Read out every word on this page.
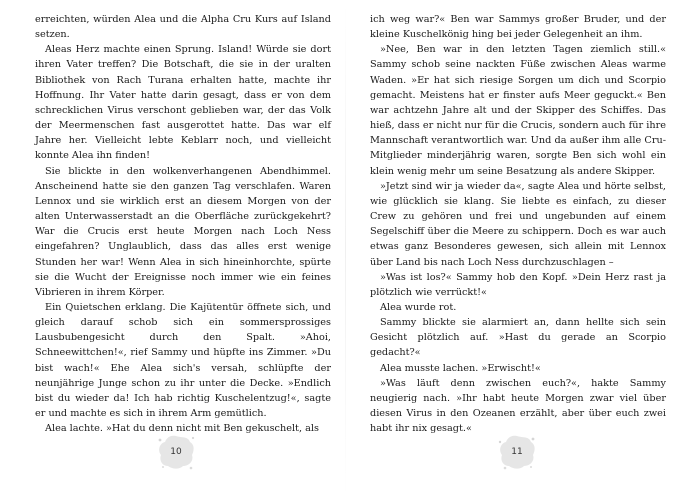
erreichten, würden Alea und die Alpha Cru Kurs auf Island setzen.

Aleas Herz machte einen Sprung. Island! Würde sie dort ihren Vater treffen? Die Botschaft, die sie in der uralten Bibliothek von Rach Turana erhalten hatte, machte ihr Hoffnung. Ihr Vater hatte darin gesagt, dass er von dem schrecklichen Virus verschont geblieben war, der das Volk der Meermenschen fast ausgerottet hatte. Das war elf Jahre her. Vielleicht lebte Keblarr noch, und vielleicht konnte Alea ihn finden!

Sie blickte in den wolkenverhangenen Abendhimmel. Anscheinend hatte sie den ganzen Tag verschlafen. Waren Lennox und sie wirklich erst an diesem Morgen von der alten Unterwasserstadt an die Oberfläche zurückgekehrt? War die Crucis erst heute Morgen nach Loch Ness eingefahren? Unglaublich, dass das alles erst wenige Stunden her war! Wenn Alea in sich hineinhorchte, spürte sie die Wucht der Ereignisse noch immer wie ein feines Vibrieren in ihrem Körper.

Ein Quietschen erklang. Die Kajütentür öffnete sich, und gleich darauf schob sich ein sommersprossiges Lausbubengesicht durch den Spalt. »Ahoi, Schneewittchen!«, rief Sammy und hüpfte ins Zimmer. »Du bist wach!« Ehe Alea sich's versah, schlüpfte der neunjährige Junge schon zu ihr unter die Decke. »Endlich bist du wieder da! Ich hab richtig Kuschelentzug!«, sagte er und machte es sich in ihrem Arm gemütlich.

Alea lachte. »Hat du denn nicht mit Ben gekuschelt, als

ich weg war?« Ben war Sammys großer Bruder, und der kleine Kuschelkönig hing bei jeder Gelegenheit an ihm.

»Nee, Ben war in den letzten Tagen ziemlich still.« Sammy schob seine nackten Füße zwischen Aleas warme Waden. »Er hat sich riesige Sorgen um dich und Scorpio gemacht. Meistens hat er finster aufs Meer geguckt.« Ben war achtzehn Jahre alt und der Skipper des Schiffes. Das hieß, dass er nicht nur für die Crucis, sondern auch für ihre Mannschaft verantwortlich war. Und da außer ihm alle Cru-Mitglieder minderjährig waren, sorgte Ben sich wohl ein klein wenig mehr um seine Besatzung als andere Skipper.

»Jetzt sind wir ja wieder da«, sagte Alea und hörte selbst, wie glücklich sie klang. Sie liebte es einfach, zu dieser Crew zu gehören und frei und ungebunden auf einem Segelschiff über die Meere zu schippern. Doch es war auch etwas ganz Besonderes gewesen, sich allein mit Lennox über Land bis nach Loch Ness durchzuschlagen –

»Was ist los?« Sammy hob den Kopf. »Dein Herz rast ja plötzlich wie verrückt!«

Alea wurde rot.

Sammy blickte sie alarmiert an, dann hellte sich sein Gesicht plötzlich auf. »Hast du gerade an Scorpio gedacht?«

Alea musste lachen. »Erwischt!«

»Was läuft denn zwischen euch?«, hakte Sammy neugierig nach. »Ihr habt heute Morgen zwar viel über diesen Virus in den Ozeanen erzählt, aber über euch zwei habt ihr nix gesagt.«

10	11
